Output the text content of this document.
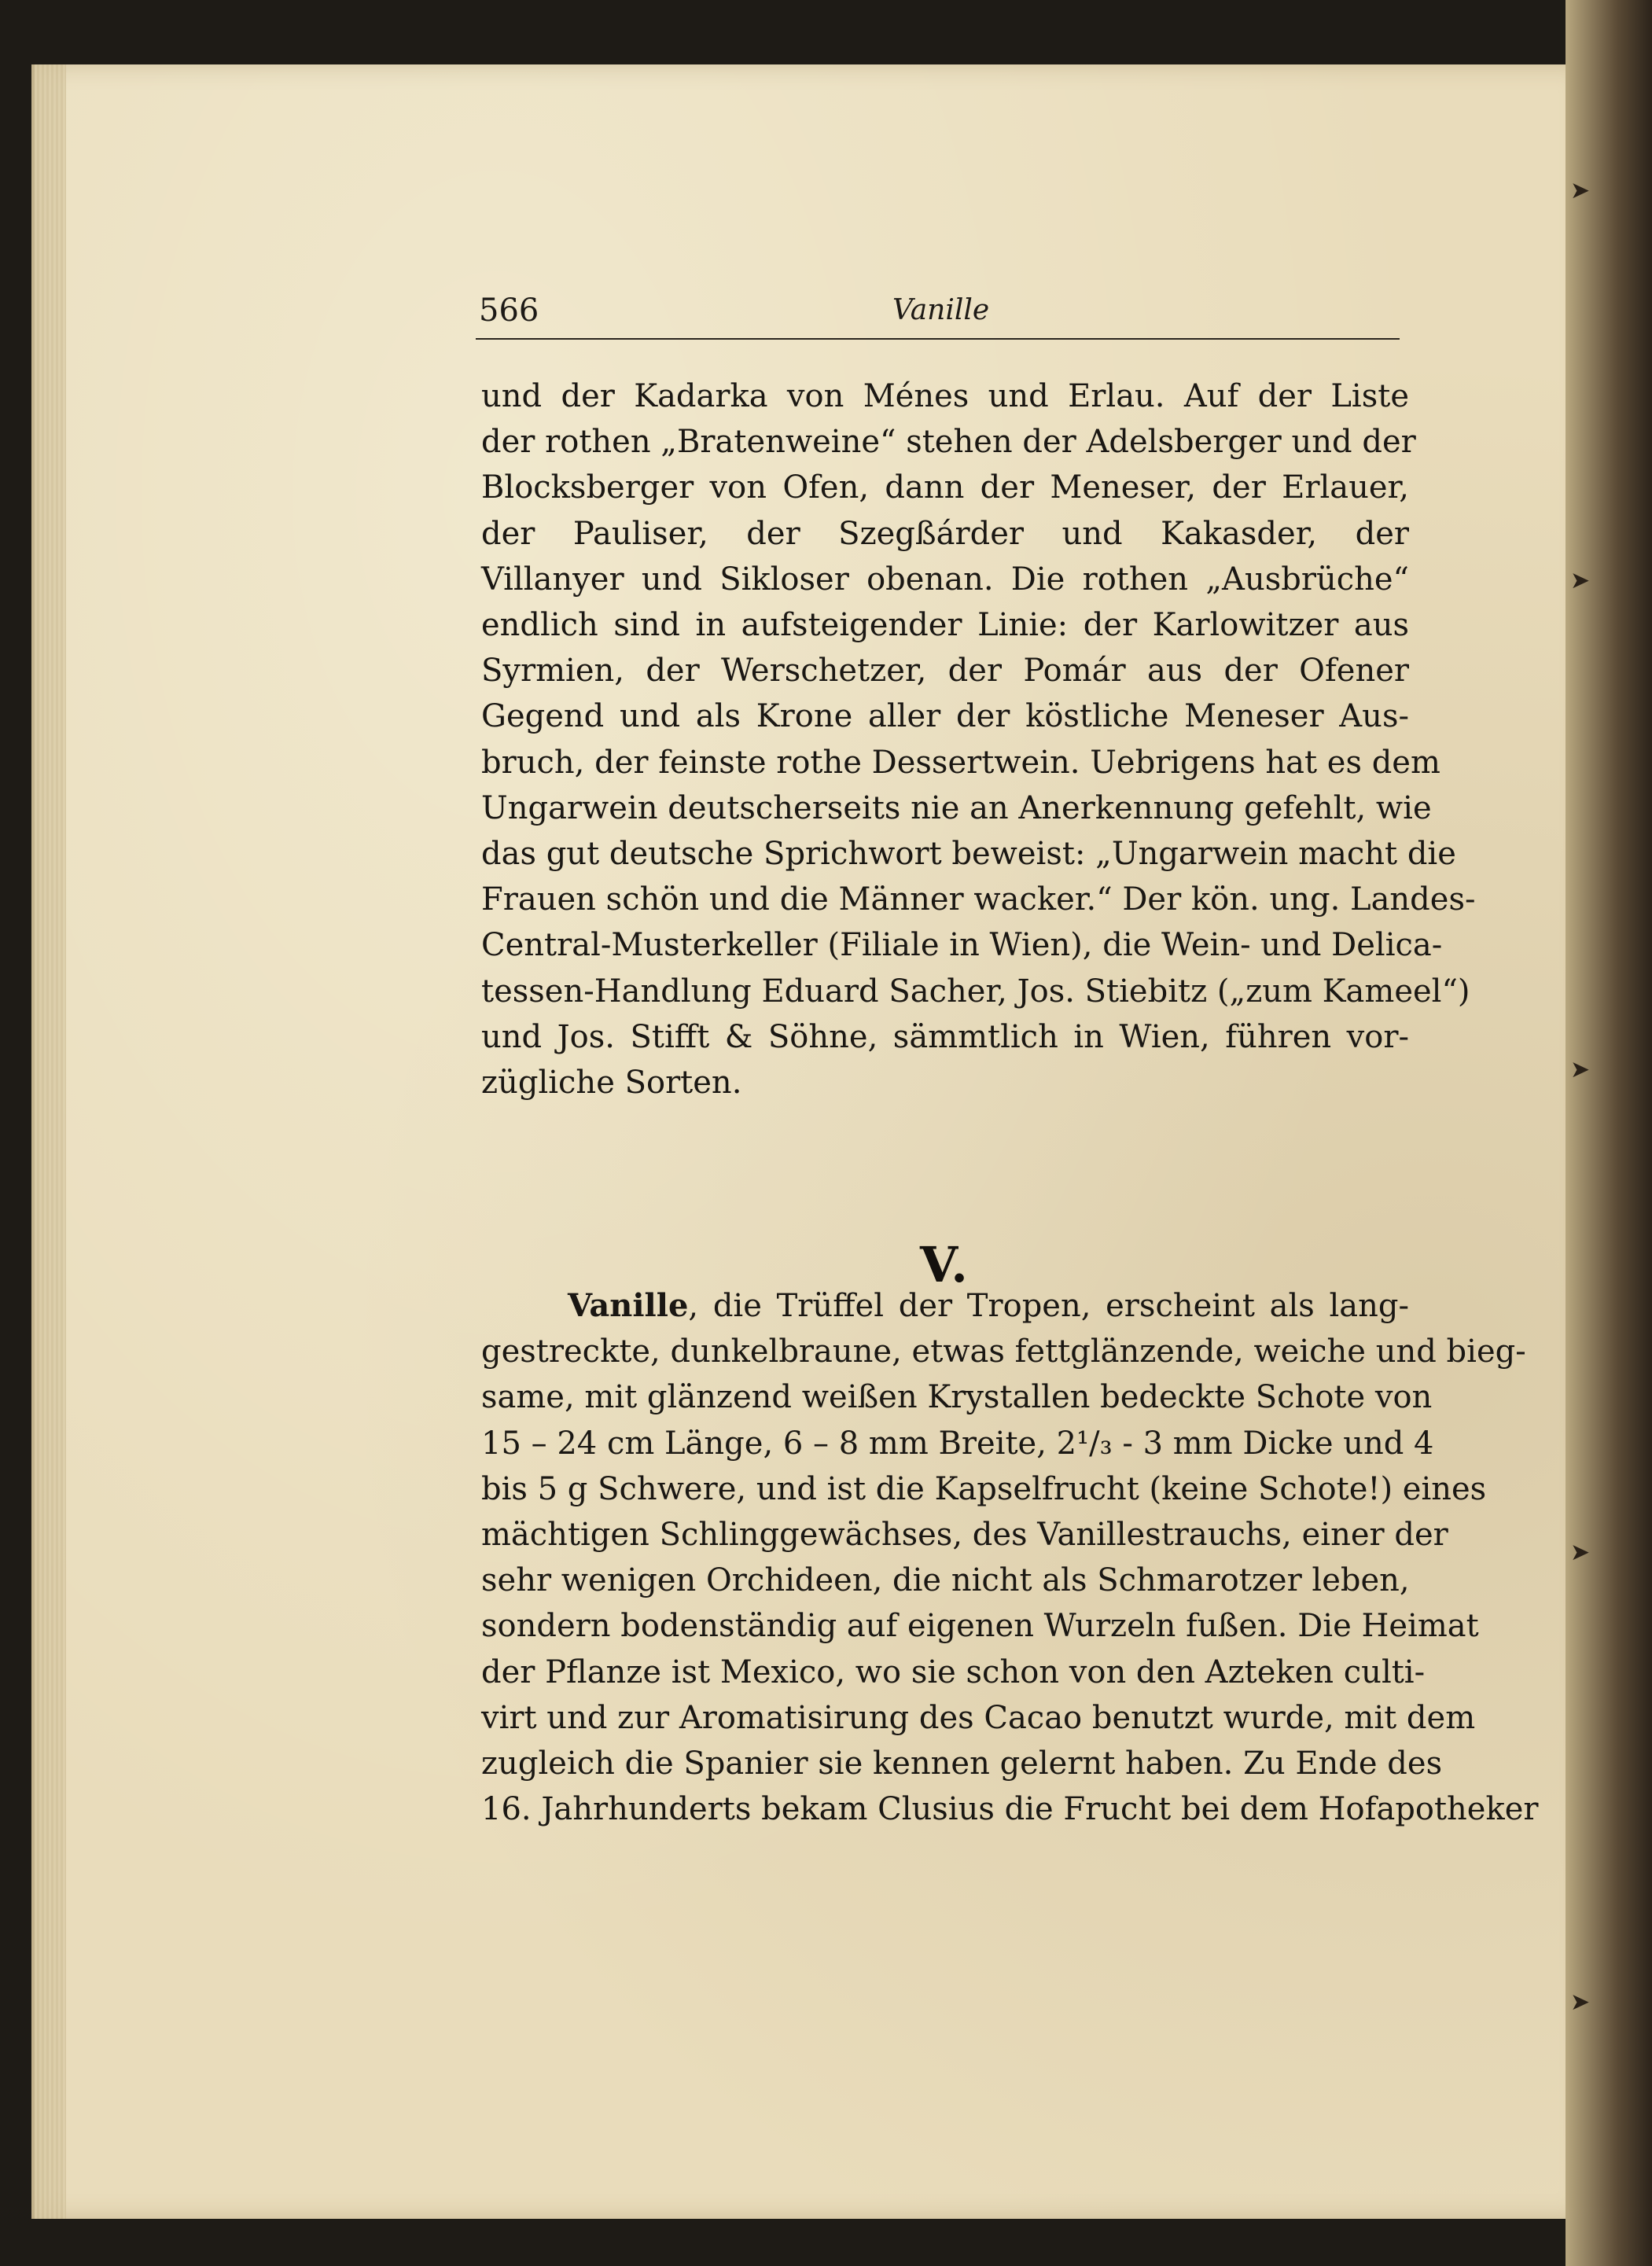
➤
➤
➤
➤
➤
566	Vanille
und der Kadarka von Ménes und Erlau. Auf der Liste
der rothen „Bratenweine“ stehen der Adelsberger und der
Blocksberger von Ofen, dann der Meneser, der Erlauer,
der Pauliser, der Szegßárder und Kakasder, der
Villanyer und Sikloser obenan. Die rothen „Ausbrüche“
endlich sind in aufsteigender Linie: der Karlowitzer aus
Syrmien, der Werschetzer, der Pomár aus der Ofener
Gegend und als Krone aller der köstliche Meneser Aus-
bruch, der feinste rothe Dessertwein. Uebrigens hat es dem
Ungarwein deutscherseits nie an Anerkennung gefehlt, wie
das gut deutsche Sprichwort beweist: „Ungarwein macht die
Frauen schön und die Männer wacker.“ Der kön. ung. Landes-
Central-Musterkeller (Filiale in Wien), die Wein- und Delica-
tessen-Handlung Eduard Sacher, Jos. Stiebitz („zum Kameel“)
und Jos. Stifft & Söhne, sämmtlich in Wien, führen vor-
zügliche Sorten.
V.
Vanille, die Trüffel der Tropen, erscheint als lang-
gestreckte, dunkelbraune, etwas fettglänzende, weiche und bieg-
same, mit glänzend weißen Krystallen bedeckte Schote von
15 – 24 cm Länge, 6 – 8 mm Breite, 2¹/₃ - 3 mm Dicke und 4
bis 5 g Schwere, und ist die Kapselfrucht (keine Schote!) eines
mächtigen Schlinggewächses, des Vanillestrauchs, einer der
sehr wenigen Orchideen, die nicht als Schmarotzer leben,
sondern bodenständig auf eigenen Wurzeln fußen. Die Heimat
der Pflanze ist Mexico, wo sie schon von den Azteken culti-
virt und zur Aromatisirung des Cacao benutzt wurde, mit dem
zugleich die Spanier sie kennen gelernt haben. Zu Ende des
16. Jahrhunderts bekam Clusius die Frucht bei dem Hofapotheker
